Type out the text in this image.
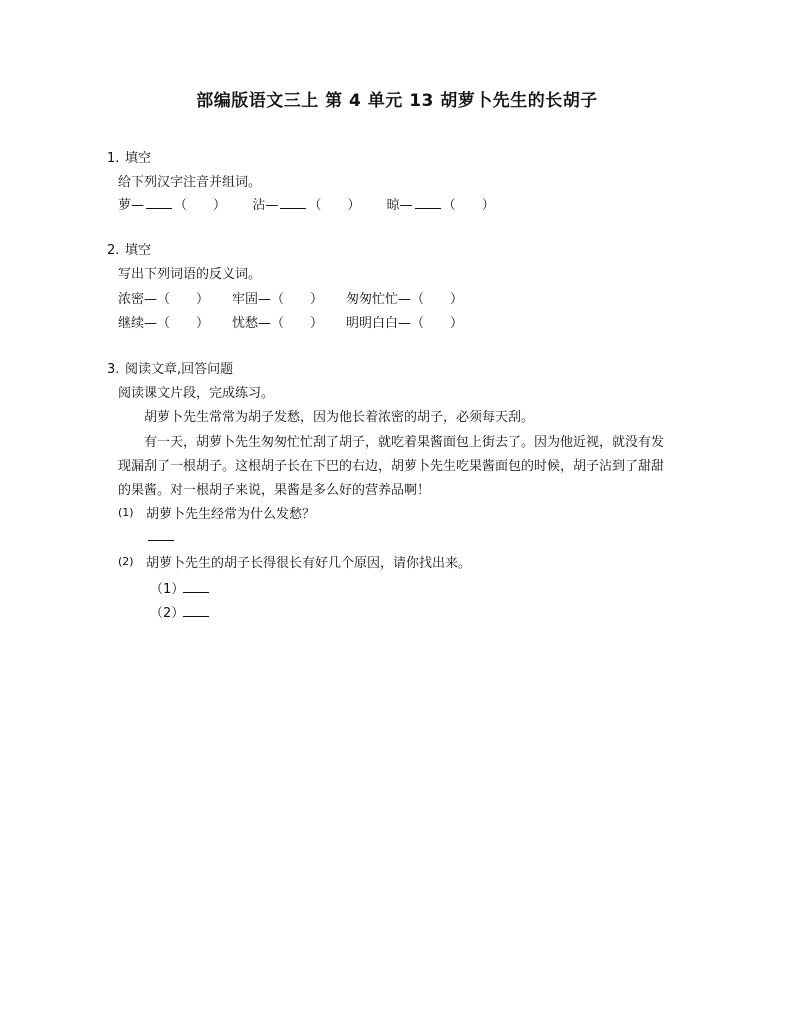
部编版语文三上 第 4 单元 13 胡萝卜先生的长胡子
1. 填空
给下列汉字注音并组词。
萝— （ ） 沾— （ ） 晾— （ ）
2. 填空
写出下列词语的反义词。
浓密—（ ） 牢固—（ ） 匆匆忙忙—（ ）
继续—（ ） 忧愁—（ ） 明明白白—（ ）
3. 阅读文章,回答问题
阅读课文片段，完成练习。
胡萝卜先生常常为胡子发愁，因为他长着浓密的胡子，必须每天刮。
有一天，胡萝卜先生匆匆忙忙刮了胡子，就吃着果酱面包上街去了。因为他近视，就没有发
现漏刮了一根胡子。这根胡子长在下巴的右边，胡萝卜先生吃果酱面包的时候，胡子沾到了甜甜
的果酱。对一根胡子来说，果酱是多么好的营养品啊！
(1) 胡萝卜先生经常为什么发愁？
(2) 胡萝卜先生的胡子长得很长有好几个原因，请你找出来。
（1）
（2）
